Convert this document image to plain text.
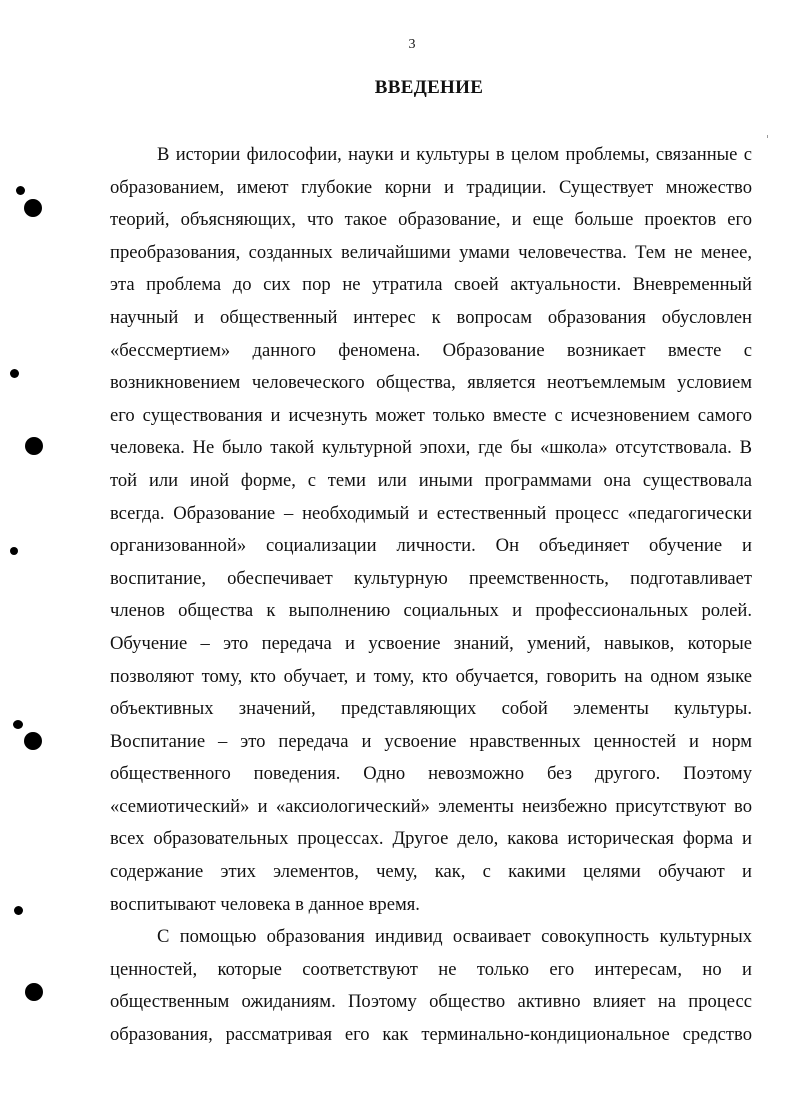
3
ВВЕДЕНИЕ

В истории философии, науки и культуры в целом проблемы, связанные с
образованием, имеют глубокие корни и традиции. Существует множество
теорий, объясняющих, что такое образование, и еще больше проектов его
преобразования, созданных величайшими умами человечества. Тем не менее,
эта проблема до сих пор не утратила своей актуальности. Вневременный
научный и общественный интерес к вопросам образования обусловлен
«бессмертием» данного феномена. Образование возникает вместе с
возникновением человеческого общества, является неотъемлемым условием
его существования и исчезнуть может только вместе с исчезновением самого
человека. Не было такой культурной эпохи, где бы «школа» отсутствовала. В
той или иной форме, с теми или иными программами она существовала
всегда. Образование – необходимый и естественный процесс «педагогически
организованной» социализации личности. Он объединяет обучение и
воспитание, обеспечивает культурную преемственность, подготавливает
членов общества к выполнению социальных и профессиональных ролей.
Обучение – это передача и усвоение знаний, умений, навыков, которые
позволяют тому, кто обучает, и тому, кто обучается, говорить на одном языке
объективных значений, представляющих собой элементы культуры.
Воспитание – это передача и усвоение нравственных ценностей и норм
общественного поведения. Одно невозможно без другого. Поэтому
«семиотический» и «аксиологический» элементы неизбежно присутствуют во
всех образовательных процессах. Другое дело, какова историческая форма и
содержание этих элементов, чему, как, с какими целями обучают и
воспитывают человека в данное время.

С помощью образования индивид осваивает совокупность культурных
ценностей, которые соответствуют не только его интересам, но и
общественным ожиданиям. Поэтому общество активно влияет на процесс
образования, рассматривая его как терминально-кондициональное средство
